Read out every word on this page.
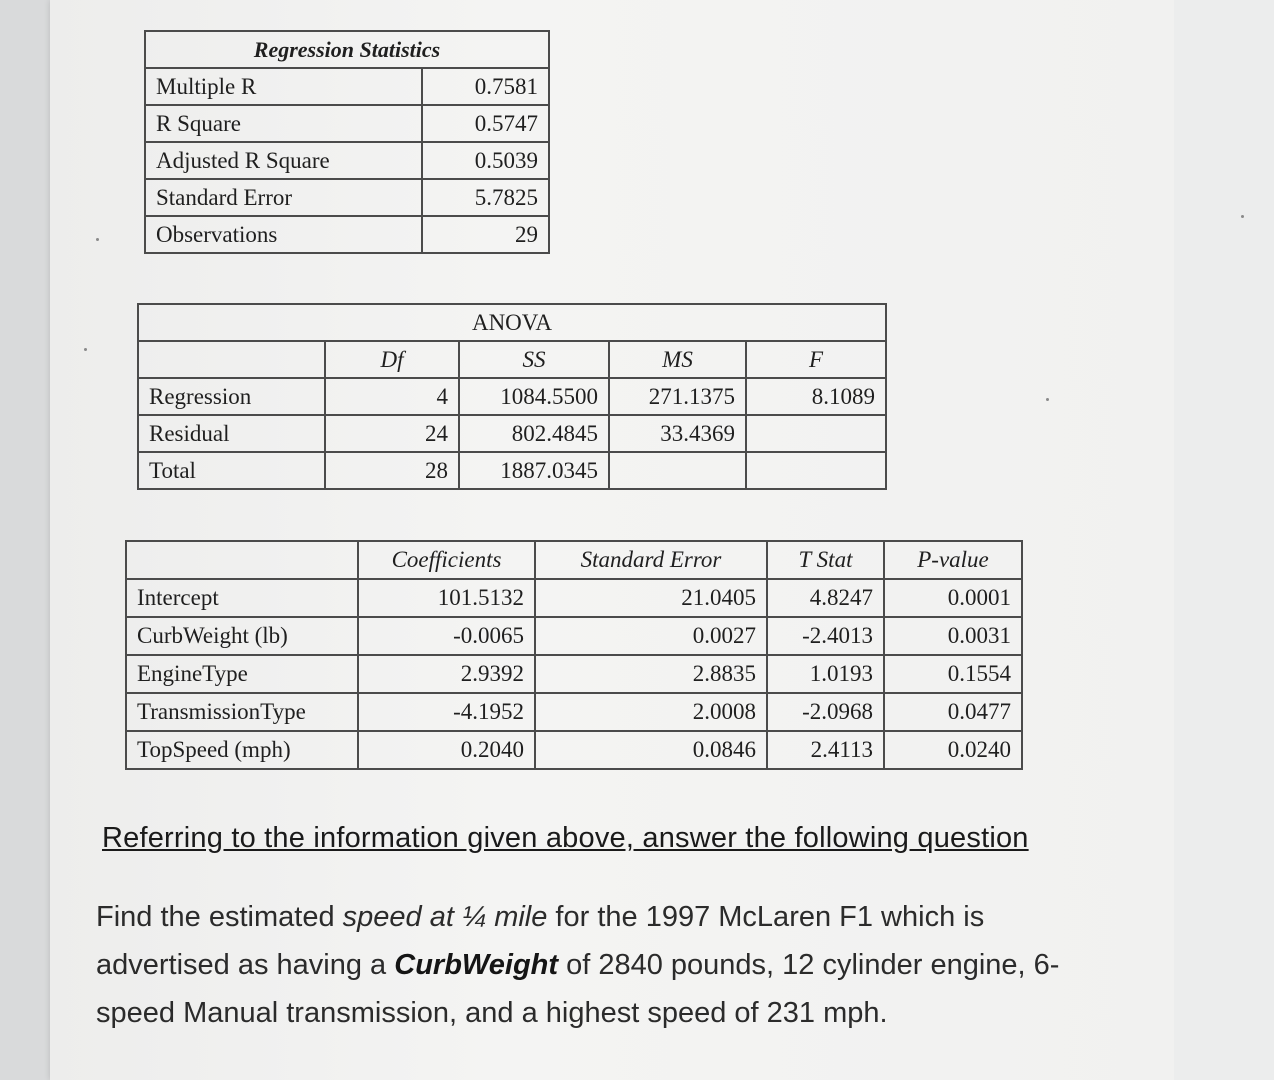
Regression Statistics	
Multiple R	0.7581
R Square	0.5747
Adjusted R Square	0.5039
Standard Error	5.7825
Observations	29
ANOVA				
	Df	SS	MS	F
Regression	4	1084.5500	271.1375	8.1089
Residual	24	802.4845	33.4369	
Total	28	1887.0345		
	Coefficients	Standard Error	T Stat	P-value
Intercept	101.5132	21.0405	4.8247	0.0001
CurbWeight (lb)	-0.0065	0.0027	-2.4013	0.0031
EngineType	2.9392	2.8835	1.0193	0.1554
TransmissionType	-4.1952	2.0008	-2.0968	0.0477
TopSpeed (mph)	0.2040	0.0846	2.4113	0.0240
Referring to the information given above, answer the following question
Find the estimated speed at ¼ mile for the 1997 McLaren F1 which is
advertised as having a CurbWeight of 2840 pounds, 12 cylinder engine, 6-
speed Manual transmission, and a highest speed of 231 mph.
